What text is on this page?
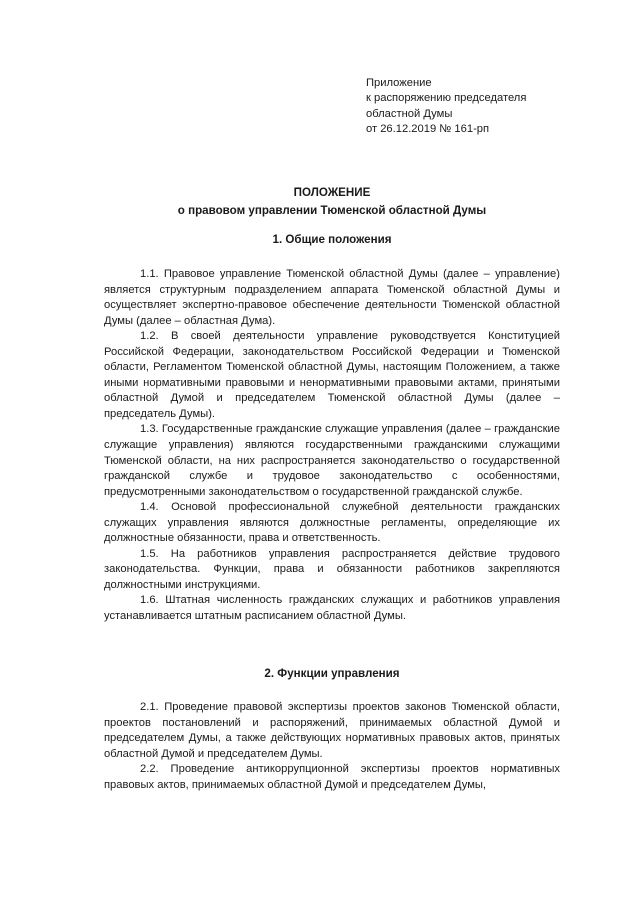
Приложение
к распоряжению председателя
областной Думы
от 26.12.2019 № 161-рп
ПОЛОЖЕНИЕ
о правовом управлении Тюменской областной Думы
1. Общие положения

1.1. Правовое управление Тюменской областной Думы (далее – управление) является структурным подразделением аппарата Тюменской областной Думы и осуществляет экспертно-правовое обеспечение деятельности Тюменской областной Думы (далее – областная Дума).

1.2. В своей деятельности управление руководствуется Конституцией Российской Федерации, законодательством Российской Федерации и Тюменской области, Регламентом Тюменской областной Думы, настоящим Положением, а также иными нормативными правовыми и ненормативными правовыми актами, принятыми областной Думой и председателем Тюменской областной Думы (далее – председатель Думы).

1.3. Государственные гражданские служащие управления (далее – гражданские служащие управления) являются государственными гражданскими служащими Тюменской области, на них распространяется законодательство о государственной гражданской службе и трудовое законодательство с особенностями, предусмотренными законодательством о государственной гражданской службе.

1.4. Основой профессиональной служебной деятельности гражданских служащих управления являются должностные регламенты, определяющие их должностные обязанности, права и ответственность.

1.5. На работников управления распространяется действие трудового законодательства. Функции, права и обязанности работников закрепляются должностными инструкциями.

1.6. Штатная численность гражданских служащих и работников управления устанавливается штатным расписанием областной Думы.

2. Функции управления

2.1. Проведение правовой экспертизы проектов законов Тюменской области, проектов постановлений и распоряжений, принимаемых областной Думой и председателем Думы, а также действующих нормативных правовых актов, принятых областной Думой и председателем Думы.

2.2. Проведение антикоррупционной экспертизы проектов нормативных правовых актов, принимаемых областной Думой и председателем Думы,
